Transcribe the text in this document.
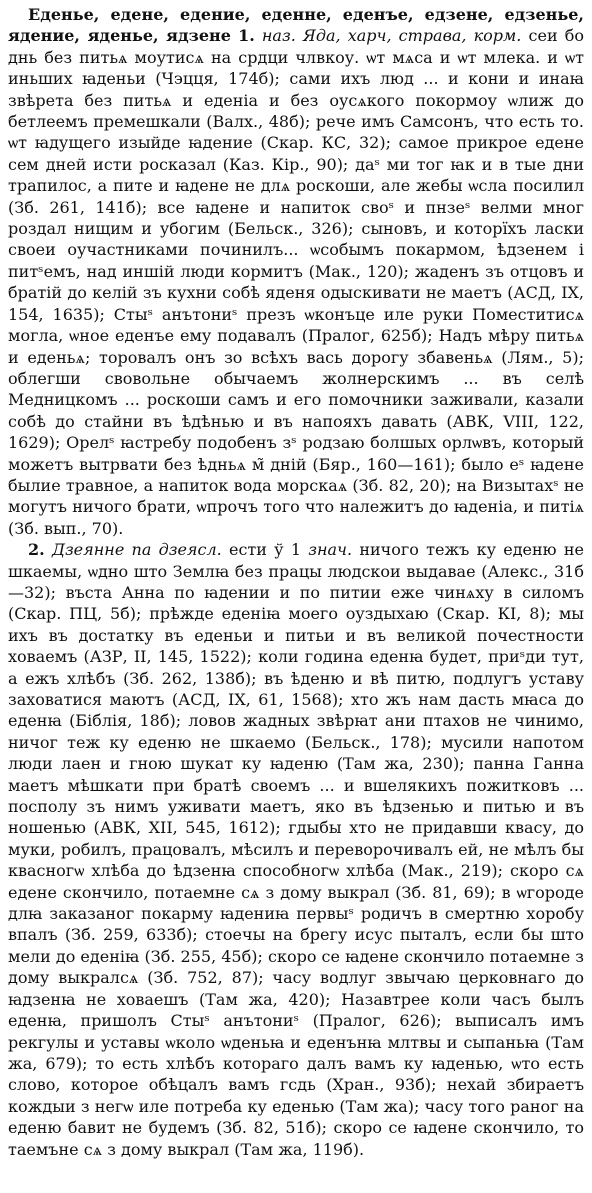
Еденье, едене, едение, еденне, еденъе, едзене, едзенье, ядение, яденье, ядзене 1. наз. Яда, харч, страва, корм. сеи бо днь без питьѧ моутисѧ на срдци члвкоу. ѡт мѧса и ѡт млека. и ѡт иньших ꙗденьи (Чэцця, 174б); сами ихъ люд ... и кони и инаꙗ звѣрета без питьѧ и еденіа и без оусѧкого покормоу ѡлиж до бетлеемъ премешкали (Валх., 48б); рече имъ Самсонъ, что есть то. ѡт ꙗдущего изыйде ꙗдение (Скар. КС, 32); самое прикрое едене сем дней исти росказал (Каз. Кір., 90); даˢ ми тог ꙗк и в тые дни трапилос, а пите и ꙗдене не длѧ роскоши, але жебы ѡсла посилил (Зб. 261, 141б); все ꙗдене и напиток своˢ и пнзеˢ велми мног роздал нищим и убогим (Бельск., 326); сыновъ, и которїхъ ласки своеи оучастниками починилъ... ѡсобымъ покармом, ѣдзенем і питˢемъ, над иншій люди кормитъ (Мак., 120); жаденъ зъ отцовъ и братій до келій зъ кухни собѣ яденя одыскивати не маетъ (АСД, IX, 154, 1635); Стыˢ анътониˢ презъ ѡконъце иле руки Поместитисѧ могла, ѡное еденъе ему подавалъ (Пралог, 625б); Надъ мѣру питьѧ и еденьѧ; торовалъ онъ зо всѣхъ вась дорогу збавеньѧ (Лям., 5); облегши свовольне обычаемъ жолнерскимъ ... въ селѣ Медницкомъ ... роскоши самъ и его помочники заживали, казали собѣ до стайни въ ѣдѣнью и въ напояхъ давать (АВК, VIII, 122, 1629); Орелˢ ꙗстребу подобенъ зˢ родзаю болшых орлѡвъ, который можетъ вытрвати без ѣдньѧ м̃ дній (Бяр., 160—161); было еˢ ꙗдене былие травное, а напиток вода морскаѧ (Зб. 82, 20); на Визытахˢ не могутъ ничого брати, ѡпрочъ того что належитъ до ꙗденіа, и питіѧ (Зб. вып., 70).

2. Дзеянне па дзеясл. ести ў 1 знач. ничого тежъ ку еденю не шкаемы, ѡдно што Землꙗ без працы людскои выдавае (Алекс., 31б—32); въста Анна по ꙗдении и по питии еже чинѧху в силомъ (Скар. ПЦ, 5б); прѣжде еденіꙗ моего оуздыхаю (Скар. КІ, 8); мы ихъ въ достатку въ еденьи и питьи и въ великой почестности ховаемъ (АЗР, II, 145, 1522); коли година еденꙗ будет, приˢди тут, а ежъ хлѣбъ (Зб. 262, 138б); въ ѣденю и вѣ питю, подлугъ уставу заховатися маютъ (АСД, IX, 61, 1568); хто жъ нам дасть мꙗса до еденꙗ (Біблія, 18б); ловов жадных звѣрꙗт ани птахов не чинимо, ничог теж ку еденю не шкаемо (Бельск., 178); мусили напотом люди лаен и гною шукат ку ꙗденю (Там жа, 230); панна Ганна маетъ мѣшкати при братѣ своемъ ... и вшелякихъ пожитковъ ... посполу зъ нимъ уживати маетъ, яко въ ѣдзенью и питью и въ ношенью (АВК, XII, 545, 1612); гдыбы хто не придавши квасу, до муки, робилъ, працовалъ, мѣсилъ и переворочивалъ ей, не мѣлъ бы квасногѡ хлѣба до ѣдзенꙗ способногѡ хлѣба (Мак., 219); скоро сѧ едене скончило, потаемне сѧ з дому выкрал (Зб. 81, 69); в ѡгороде длꙗ заказаног покарму ꙗдениꙗ первыˢ родичъ в смертню хоробу впалъ (Зб. 259, 633б); стоечы на брегу исус пыталъ, если бы што мели до еденіꙗ (Зб. 255, 45б); скоро се ꙗдене скончило потаемне з дому выкралсѧ (Зб. 752, 87); часу водлуг звычаю церковнаго до ꙗдзенꙗ не ховаешъ (Там жа, 420); Назавтрее коли часъ былъ еденꙗ, пришолъ Стыˢ анътониˢ (Пралог, 626); выписалъ имъ рекгулы и уставы ѡколо ѡденьꙗ и еденънꙗ млтвы и сыпаньꙗ (Там жа, 679); то есть хлѣбъ котораго далъ вамъ ку ꙗденью, ѡто есть слово, которое обѣцалъ вамъ гсдь (Хран., 93б); нехай збираетъ кождыи з негѡ иле потреба ку еденью (Там жа); часу того раног на еденю бавит не будемъ (Зб. 82, 51б); скоро се ꙗдене скончило, то таемъне сѧ з дому выкрал (Там жа, 119б).
